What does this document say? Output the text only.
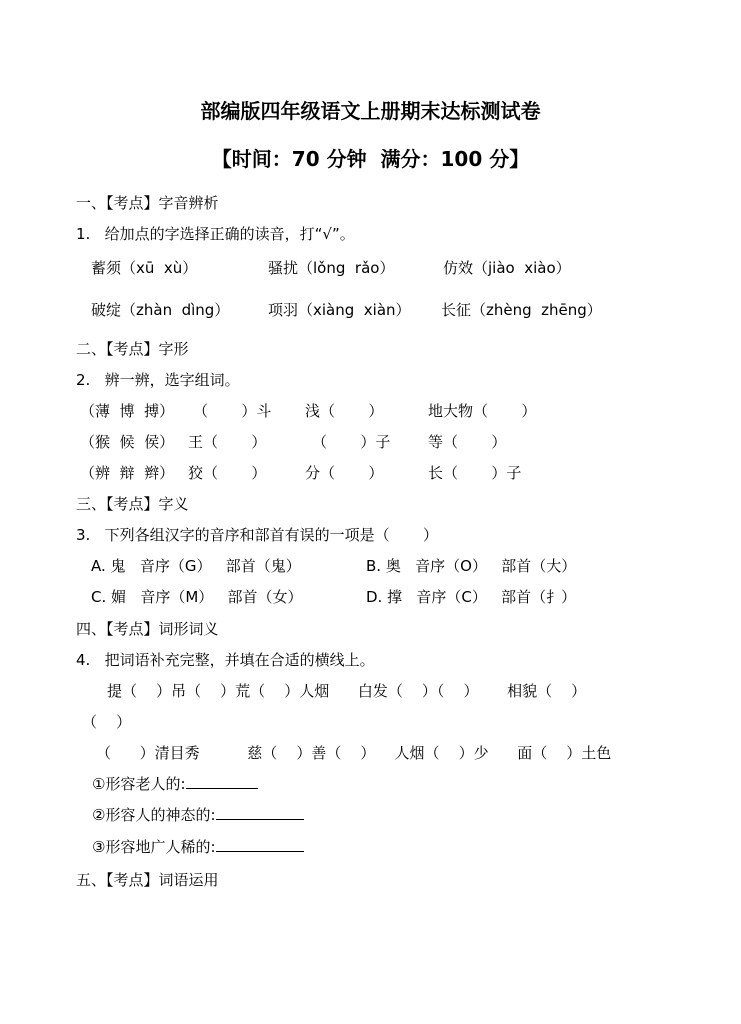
部编版四年级语文上册期末达标测试卷
【时间：70 分钟  满分：100 分】
一、【考点】字音辨析
1.   给加点的字选择正确的读音，打“√”。
蓄须（xū  xù）	骚扰（lǒng  rǎo）	仿效（jiào  xiào）
破绽（zhàn  dìng）	项羽（xiàng  xiàn） 长征（zhèng  zhēng）
二、【考点】字形
2.   辨一辨，选字组词。
（薄  博  搏） （       ）斗 浅（       ）	地大物（       ）
（猴  候  侯） 王（       ）	（       ）子	等（       ）
（辨  辩  辫） 狡（       ）	分（       ）	长（       ）子
三、【考点】字义
3.   下列各组汉字的音序和部首有误的一项是（       ）
A. 鬼   音序（G）   部首（鬼）	B. 奥   音序（O）   部首（大）
C. 媚   音序（M）   部首（女）	D. 撑   音序（C）   部首（扌）
四、【考点】词形词义
4.   把词语补充完整，并填在合适的横线上。
提（    ）吊（    ）荒（    ）人烟      白发（    ）（    ）      相貌（    ）
（    ）
（      ）清目秀          慈（    ）善（    ）    人烟（    ）少      面（    ）土色
①形容老人的:
②形容人的神态的:
③形容地广人稀的:
五、【考点】词语运用
